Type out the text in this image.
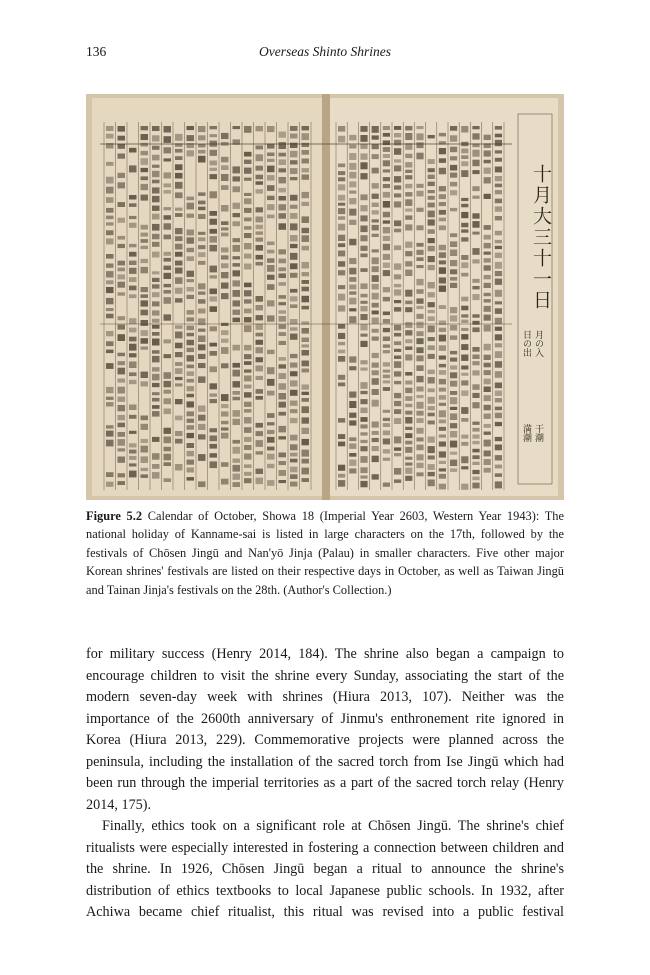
136	Overseas Shinto Shrines
十月大三十一日
日の出 月の入
満潮 干潮
Figure 5.2 Calendar of October, Showa 18 (Imperial Year 2603, Western Year 1943): The national holiday of Kanname-sai is listed in large characters on the 17th, followed by the festivals of Chōsen Jingū and Nan'yō Jinja (Palau) in smaller characters. Five other major Korean shrines' festivals are listed on their respective days in October, as well as Taiwan Jingū and Tainan Jinja's festivals on the 28th. (Author's Collection.)

for military success (Henry 2014, 184). The shrine also began a campaign to encourage children to visit the shrine every Sunday, associating the start of the modern seven-day week with shrines (Hiura 2013, 107). Neither was the importance of the 2600th anniversary of Jinmu's enthronement rite ignored in Korea (Hiura 2013, 229). Commemorative projects were planned across the peninsula, including the installation of the sacred torch from Ise Jingū which had been run through the imperial territories as a part of the sacred torch relay (Henry 2014, 175).

Finally, ethics took on a significant role at Chōsen Jingū. The shrine's chief ritualists were especially interested in fostering a connection between children and the shrine. In 1926, Chōsen Jingū began a ritual to announce the shrine's distribution of ethics textbooks to local Japanese public schools. In 1932, after Achiwa became chief ritualist, this ritual was revised into a public festival
